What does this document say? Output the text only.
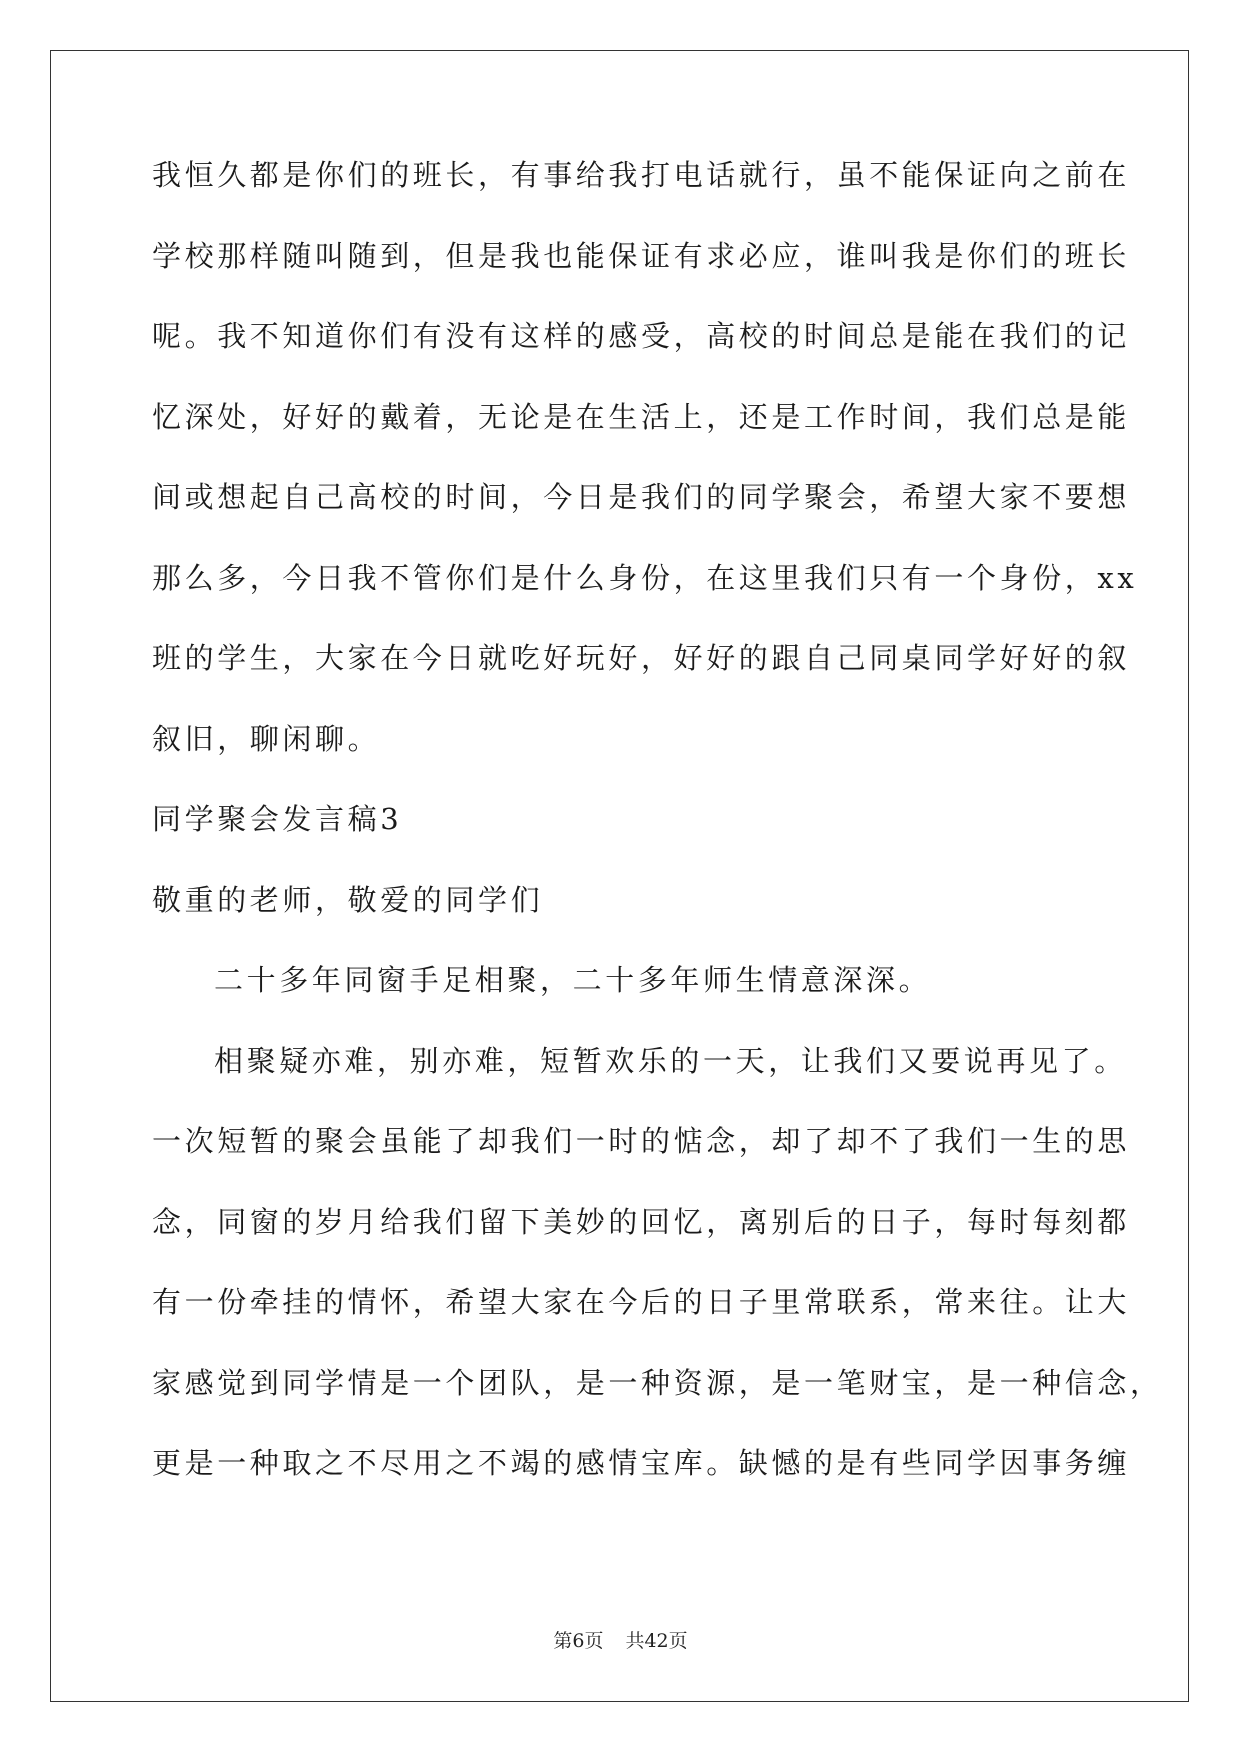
我恒久都是你们的班长，有事给我打电话就行，虽不能保证向之前在
学校那样随叫随到，但是我也能保证有求必应，谁叫我是你们的班长
呢。我不知道你们有没有这样的感受，高校的时间总是能在我们的记
忆深处，好好的戴着，无论是在生活上，还是工作时间，我们总是能
间或想起自己高校的时间，今日是我们的同学聚会，希望大家不要想
那么多，今日我不管你们是什么身份，在这里我们只有一个身份，xx
班的学生，大家在今日就吃好玩好，好好的跟自己同桌同学好好的叙
叙旧，聊闲聊。
同学聚会发言稿3
敬重的老师，敬爱的同学们
二十多年同窗手足相聚，二十多年师生情意深深。
相聚疑亦难，别亦难，短暂欢乐的一天，让我们又要说再见了。
一次短暂的聚会虽能了却我们一时的惦念，却了却不了我们一生的思
念，同窗的岁月给我们留下美妙的回忆，离别后的日子，每时每刻都
有一份牵挂的情怀，希望大家在今后的日子里常联系，常来往。让大
家感觉到同学情是一个团队，是一种资源，是一笔财宝，是一种信念，
更是一种取之不尽用之不竭的感情宝库。缺憾的是有些同学因事务缠
第6页 共42页
